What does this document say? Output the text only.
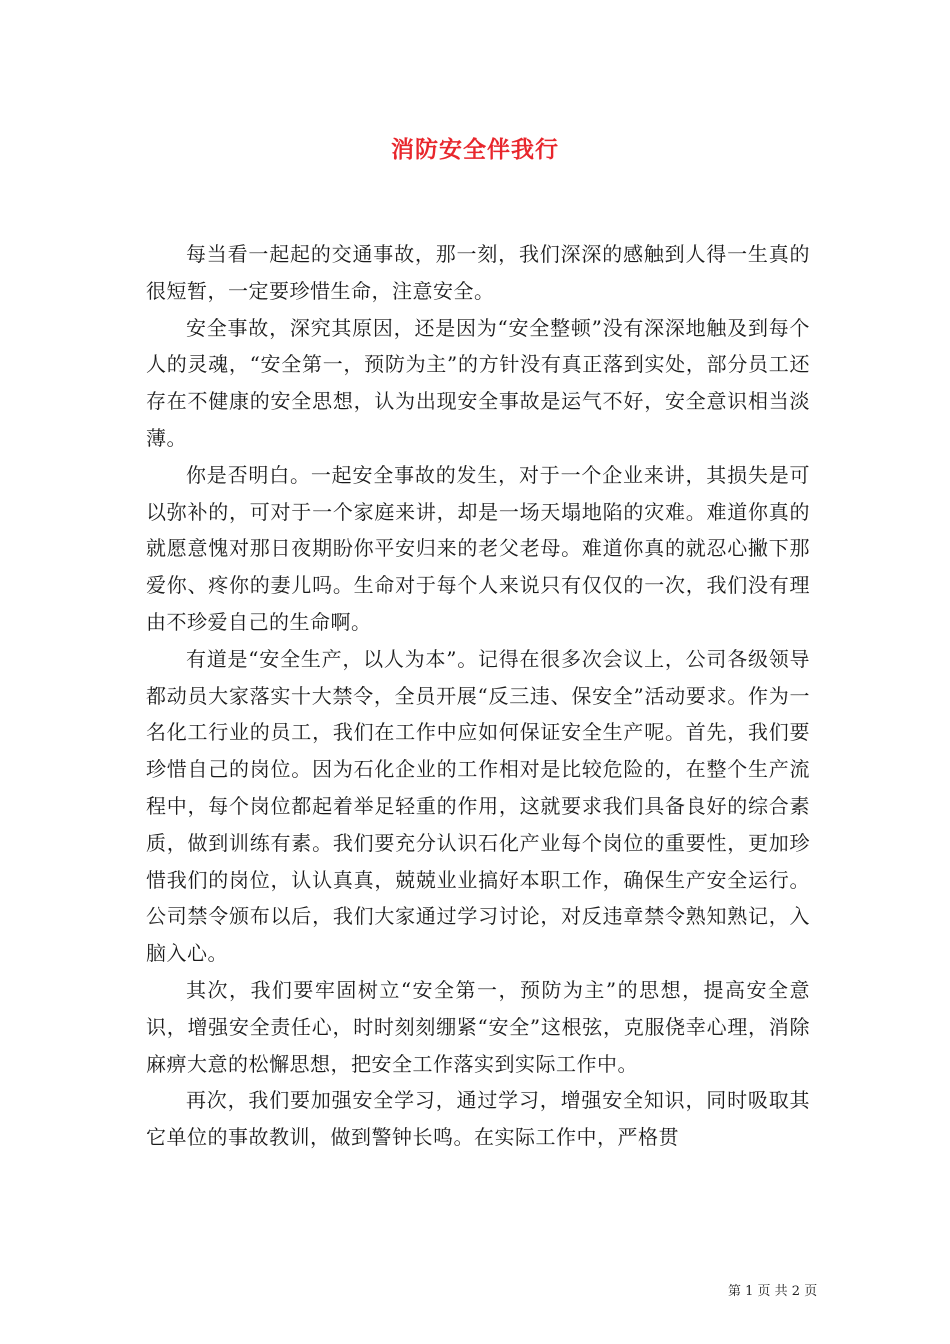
消防安全伴我行

每当看一起起的交通事故，那一刻，我们深深的感触到人得一生真的很短暂，一定要珍惜生命，注意安全。

安全事故，深究其原因，还是因为“安全整顿”没有深深地触及到每个人的灵魂，“安全第一，预防为主”的方针没有真正落到实处，部分员工还存在不健康的安全思想，认为出现安全事故是运气不好，安全意识相当淡薄。

你是否明白。一起安全事故的发生，对于一个企业来讲，其损失是可以弥补的，可对于一个家庭来讲，却是一场天塌地陷的灾难。难道你真的就愿意愧对那日夜期盼你平安归来的老父老母。难道你真的就忍心撇下那爱你、疼你的妻儿吗。生命对于每个人来说只有仅仅的一次，我们没有理由不珍爱自己的生命啊。

有道是“安全生产，以人为本”。记得在很多次会议上，公司各级领导都动员大家落实十大禁令，全员开展“反三违、保安全”活动要求。作为一名化工行业的员工，我们在工作中应如何保证安全生产呢。首先，我们要珍惜自己的岗位。因为石化企业的工作相对是比较危险的，在整个生产流程中，每个岗位都起着举足轻重的作用，这就要求我们具备良好的综合素质，做到训练有素。我们要充分认识石化产业每个岗位的重要性，更加珍惜我们的岗位，认认真真，兢兢业业搞好本职工作，确保生产安全运行。公司禁令颁布以后，我们大家通过学习讨论，对反违章禁令熟知熟记，入脑入心。

其次，我们要牢固树立“安全第一，预防为主”的思想，提高安全意识，增强安全责任心，时时刻刻绷紧“安全”这根弦，克服侥幸心理，消除麻痹大意的松懈思想，把安全工作落实到实际工作中。

再次，我们要加强安全学习，通过学习，增强安全知识，同时吸取其它单位的事故教训，做到警钟长鸣。在实际工作中，严格贯

第 1 页 共 2 页
